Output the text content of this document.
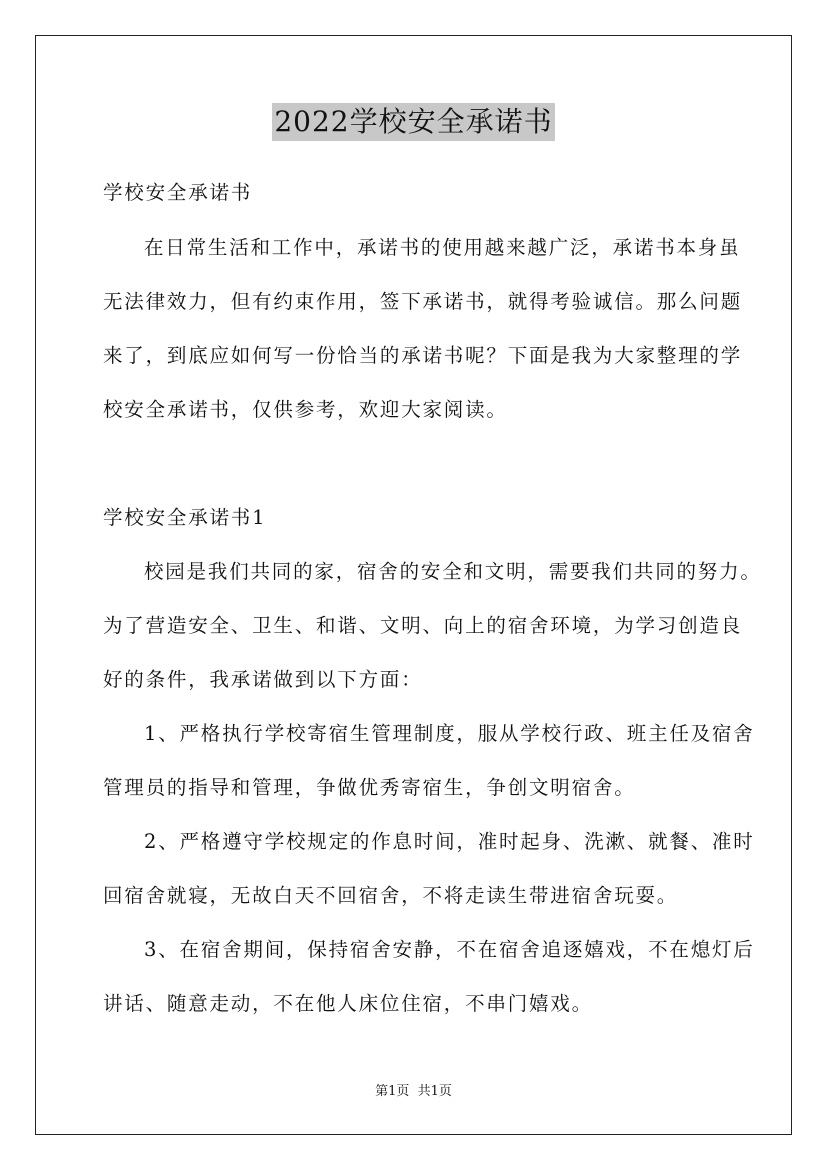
2022学校安全承诺书
学校安全承诺书
在日常生活和工作中，承诺书的使用越来越广泛，承诺书本身虽
无法律效力，但有约束作用，签下承诺书，就得考验诚信。那么问题
来了，到底应如何写一份恰当的承诺书呢？下面是我为大家整理的学
校安全承诺书，仅供参考，欢迎大家阅读。
学校安全承诺书1
校园是我们共同的家，宿舍的安全和文明，需要我们共同的努力。
为了营造安全、卫生、和谐、文明、向上的宿舍环境，为学习创造良
好的条件，我承诺做到以下方面：
1、严格执行学校寄宿生管理制度，服从学校行政、班主任及宿舍
管理员的指导和管理，争做优秀寄宿生，争创文明宿舍。
2、严格遵守学校规定的作息时间，准时起身、洗漱、就餐、准时
回宿舍就寝，无故白天不回宿舍，不将走读生带进宿舍玩耍。
3、在宿舍期间，保持宿舍安静，不在宿舍追逐嬉戏，不在熄灯后
讲话、随意走动，不在他人床位住宿，不串门嬉戏。
第1页 共1页
